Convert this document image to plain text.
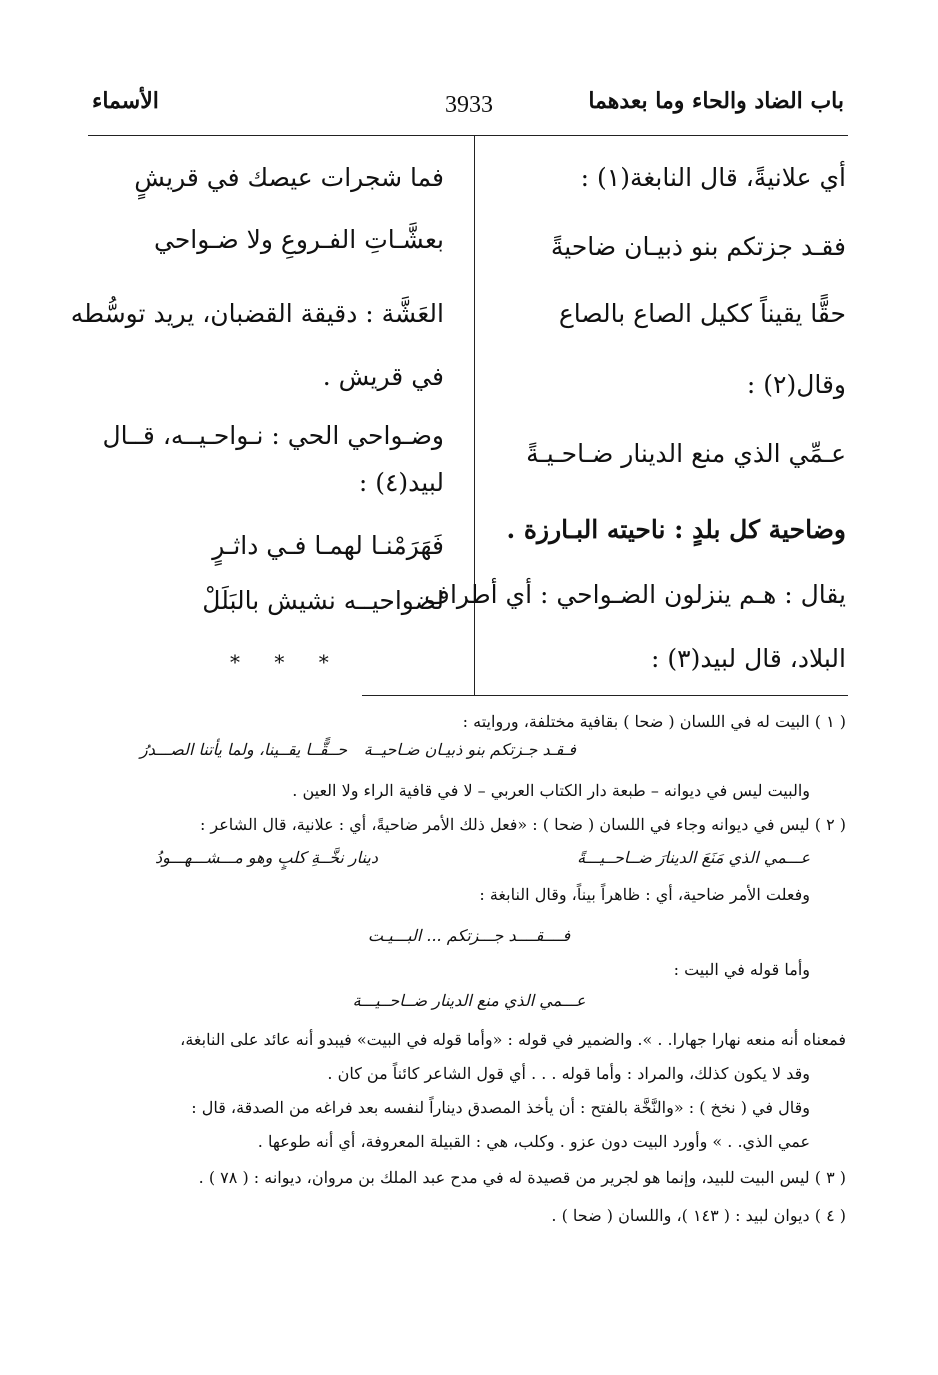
باب الضاد والحاء وما بعدهما
3933
الأسماء
أي علانيةً، قال النابغة(١) :
فقـد جزتكم بنو ذبيـان ضاحيةً
حقًّا يقيناً ككيل الصاع بالصاع
وقال(٢) :
عـمِّي الذي منع الدينار ضـاحـيـةً
وضاحية كل بلدٍ : ناحيته البـارزة .
يقال : هـم ينزلون الضـواحي : أي أطراف
البلاد، قال لبيد(٣) :
فما شجرات عيصك في قريشٍ
بعشَّـاتِ الفـروعِ ولا ضـواحي
العَشَّة : دقيقة القضبان، يريد توسُّطه
في قريش .
وضـواحي الحي : نـواحـيــه، قــال
لبيد(٤) :
فَهَرَمْنـا لهمـا فـي داثـرٍ
لضواحيــه نشيش بالبَلَلْ
* * *
( ١ ) البيت له في اللسان ( ضحا ) بقافية مختلفة، وروايته :
فـقـد جـزتكم بنو ذبيـان ضـاحيــة
حــقًّــا يقــينا، ولما يأتنا الصـــدرُ
والبيت ليس في ديوانه – طبعة دار الكتاب العربي – لا في قافية الراء ولا العين .
( ٢ ) ليس في ديوانه وجاء في اللسان ( ضحا ) : «فعل ذلك الأمر ضاحيةً، أي : علانية، قال الشاعر :
عـــمي الذي مَنَعَ الدينارَ ضــاحــيـــةً
دينار نخَّــةِ كلبٍ وهو مـــشـــهـــودُ
وفعلت الأمر ضاحية، أي : ظاهراً بيناً، وقال النابغة :
فــــقــــد جـــزتكم ... البـــيـت
وأما قوله في البيت :
عـــمي الذي منع الدينار ضــاحــيـــة
فمعناه أنه منعه نهارا جهارا. . ». والضمير في قوله : «وأما قوله في البيت» فيبدو أنه عائد على النابغة،
وقد لا يكون كذلك، والمراد : وأما قوله . . . أي قول الشاعر كائناً من كان .
وقال في ( نخخ ) : «والنَّخَّة بالفتح : أن يأخذ المصدق ديناراً لنفسه بعد فراغه من الصدقة، قال :
عمي الذي. . » وأورد البيت دون عزو . وكلب، هي : القبيلة المعروفة، أي أنه طوعها .
( ٣ ) ليس البيت للبيد، وإنما هو لجرير من قصيدة له في مدح عبد الملك بن مروان، ديوانه : ( ٧٨ ) .
( ٤ ) ديوان لبيد : ( ١٤٣ )، واللسان ( ضحا ) .
